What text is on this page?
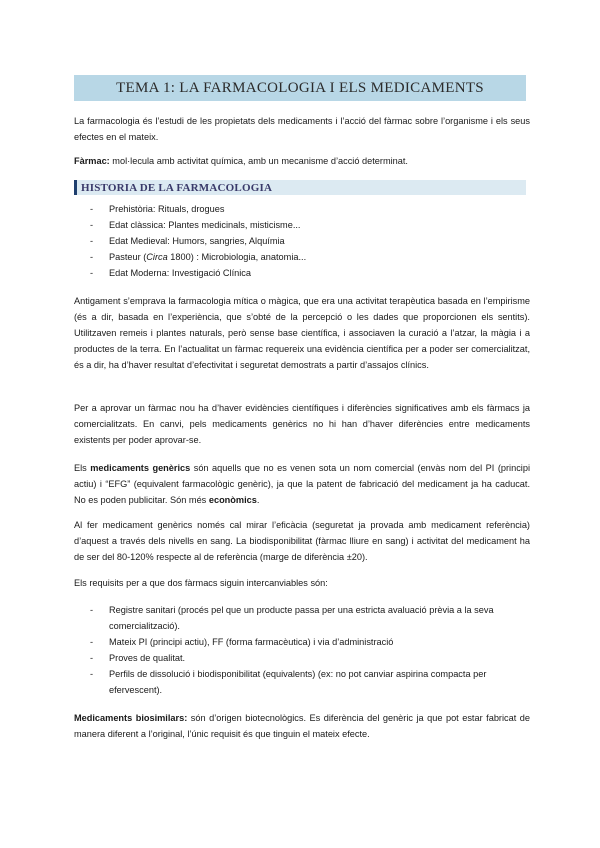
TEMA 1: LA FARMACOLOGIA I ELS MEDICAMENTS

La farmacologia és l’estudi de les propietats dels medicaments i l’acció del fàrmac sobre l’organisme i els seus efectes en el mateix.

Fàrmac: mol·lecula amb activitat química, amb un mecanisme d’acció determinat.

HISTORIA DE LA FARMACOLOGIA
- Prehistòria: Rituals, drogues
- Edat clàssica: Plantes medicinals, misticisme...
- Edat Medieval: Humors, sangries, Alquímia
- Pasteur (Circa 1800) : Microbiologia, anatomia...
- Edat Moderna: Investigació Clínica

Antigament s’emprava la farmacologia mítica o màgica, que era una activitat terapèutica basada en l’empirisme (és a dir, basada en l’experiència, que s’obté de la percepció o les dades que proporcionen els sentits). Utilitzaven remeis i plantes naturals, però sense base científica, i associaven la curació a l’atzar, la màgia i a productes de la terra. En l’actualitat un fàrmac requereix una evidència científica per a poder ser comercialitzat, és a dir, ha d’haver resultat d’efectivitat i seguretat demostrats a partir d’assajos clínics.

Per a aprovar un fàrmac nou ha d’haver evidències científiques i diferències significatives amb els fàrmacs ja comercialitzats. En canvi, pels medicaments genèrics no hi han d’haver diferències entre medicaments existents per poder aprovar-se.

Els medicaments genèrics són aquells que no es venen sota un nom comercial (envàs nom del PI (principi actiu) i “EFG” (equivalent farmacològic genèric), ja que la patent de fabricació del medicament ja ha caducat. No es poden publicitar. Són més econòmics.

Al fer medicament genèrics només cal mirar l’eficàcia (seguretat ja provada amb medicament referència) d’aquest a través dels nivells en sang. La biodisponibilitat (fàrmac lliure en sang) i activitat del medicament ha de ser del 80-120% respecte al de referència (marge de diferència ±20).

Els requisits per a que dos fàrmacs siguin intercanviables són:

- Registre sanitari (procés pel que un producte passa per una estricta avaluació prèvia a la seva comercialització).
- Mateix PI (principi actiu), FF (forma farmacèutica) i via d’administració
- Proves de qualitat.
- Perfils de dissolució i biodisponibilitat (equivalents) (ex: no pot canviar aspirina compacta per efervescent).

Medicaments biosimilars: són d’origen biotecnològics. Es diferència del genèric ja que pot estar fabricat de manera diferent a l’original, l’únic requisit és que tinguin el mateix efecte.
